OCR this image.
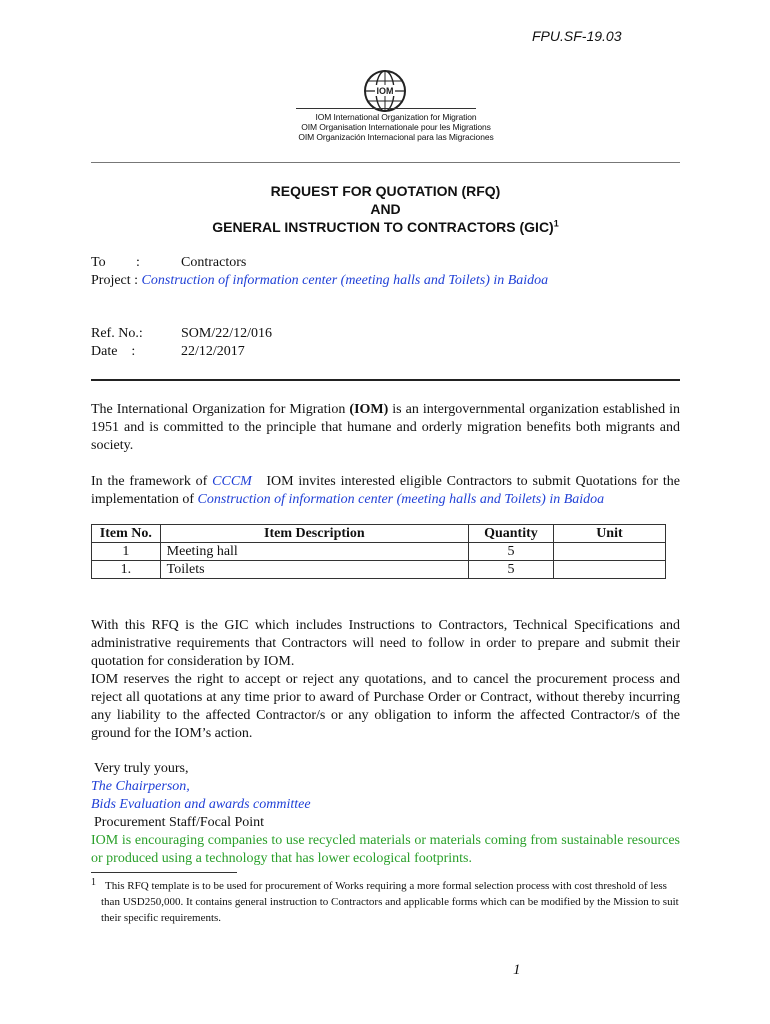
FPU.SF-19.03
IOM
IOM International Organization for Migration
OIM Organisation Internationale pour les Migrations
OIM Organización Internacional para las Migraciones
REQUEST FOR QUOTATION (RFQ)
AND
GENERAL INSTRUCTION TO CONTRACTORS (GIC)$^1$
To :	Contractors
Project : Construction of information center (meeting halls and Toilets) in Baidoa
Ref. No.:	SOM/22/12/016
Date    :	22/12/2017
The International Organization for Migration (IOM) is an intergovernmental organization established in 1951 and is committed to the principle that humane and orderly migration benefits both migrants and society.
In the framework of CCCM   IOM invites interested eligible Contractors to submit Quotations for the implementation of Construction of information center (meeting halls and Toilets) in Baidoa
Item No.	Item Description	Quantity	Unit
1	Meeting hall	5	
1.	Toilets	5	
With this RFQ is the GIC which includes Instructions to Contractors, Technical Specifications and administrative requirements that Contractors will need to follow in order to prepare and submit their quotation for consideration by IOM.
IOM reserves the right to accept or reject any quotations, and to cancel the procurement process and reject all quotations at any time prior to award of Purchase Order or Contract, without thereby incurring any liability to the affected Contractor/s or any obligation to inform the affected Contractor/s of the ground for the IOM’s action.
Very truly yours,
The Chairperson,
Bids Evaluation and awards committee
Procurement Staff/Focal Point
IOM is encouraging companies to use recycled materials or materials coming from sustainable resources or produced using a technology that has lower ecological footprints.
1 This RFQ template is to be used for procurement of Works requiring a more formal selection process with cost threshold of less than USD250,000. It contains general instruction to Contractors and applicable forms which can be modified by the Mission to suit their specific requirements.
1
